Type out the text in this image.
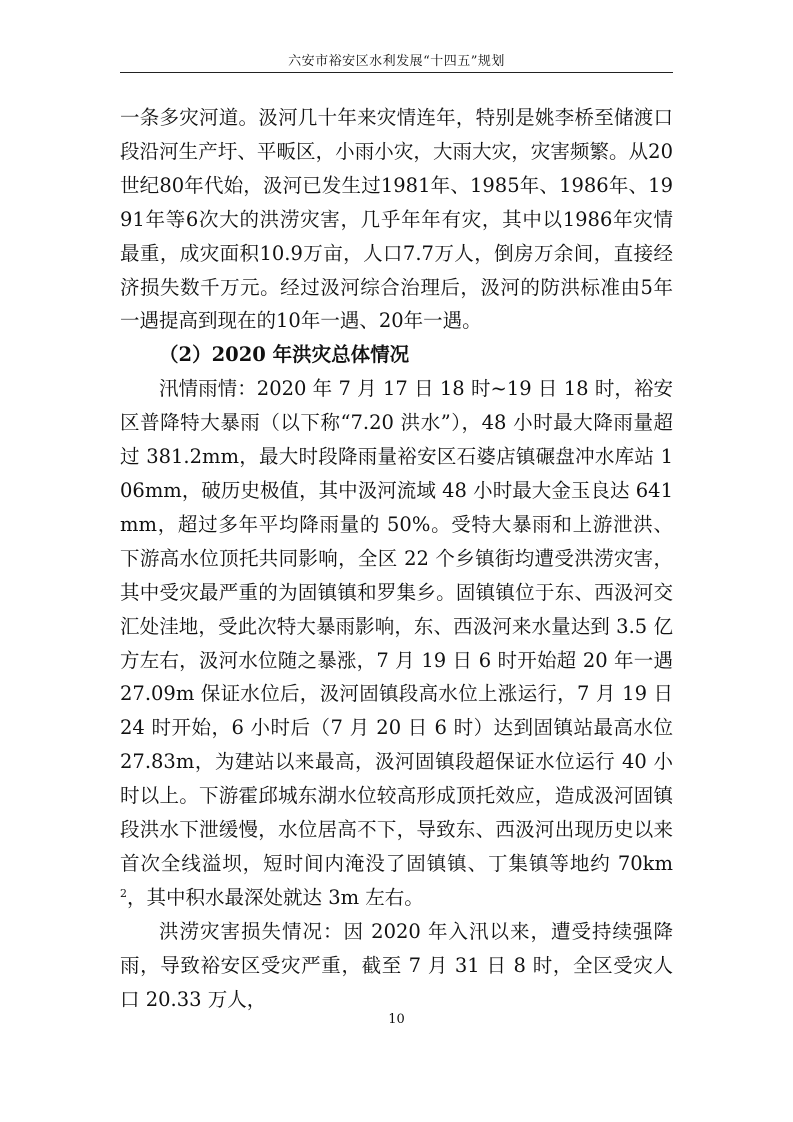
六安市裕安区水利发展“十四五”规划

一条多灾河道。汲河几十年来灾情连年，特别是姚李桥至储渡口段沿河生产圩、平畈区，小雨小灾，大雨大灾，灾害频繁。从20世纪80年代始，汲河已发生过1981年、1985年、1986年、1991年等6次大的洪涝灾害，几乎年年有灾，其中以1986年灾情最重，成灾面积10.9万亩，人口7.7万人，倒房万余间，直接经济损失数千万元。经过汲河综合治理后，汲河的防洪标准由5年一遇提高到现在的10年一遇、20年一遇。

（2）2020 年洪灾总体情况

汛情雨情：2020 年 7 月 17 日 18 时~19 日 18 时，裕安区普降特大暴雨（以下称“7.20 洪水”），48 小时最大降雨量超过 381.2mm，最大时段降雨量裕安区石婆店镇碾盘冲水库站 106mm，破历史极值，其中汲河流域 48 小时最大金玉良达 641mm，超过多年平均降雨量的 50%。受特大暴雨和上游泄洪、下游高水位顶托共同影响，全区 22 个乡镇街均遭受洪涝灾害，其中受灾最严重的为固镇镇和罗集乡。固镇镇位于东、西汲河交汇处洼地，受此次特大暴雨影响，东、西汲河来水量达到 3.5 亿方左右，汲河水位随之暴涨，7 月 19 日 6 时开始超 20 年一遇 27.09m 保证水位后，汲河固镇段高水位上涨运行，7 月 19 日 24 时开始，6 小时后（7 月 20 日 6 时）达到固镇站最高水位 27.83m，为建站以来最高，汲河固镇段超保证水位运行 40 小时以上。下游霍邱城东湖水位较高形成顶托效应，造成汲河固镇段洪水下泄缓慢，水位居高不下，导致东、西汲河出现历史以来首次全线溢坝，短时间内淹没了固镇镇、丁集镇等地约 $70km^2$，其中积水最深处就达 3m 左右。

洪涝灾害损失情况：因 2020 年入汛以来，遭受持续强降雨，导致裕安区受灾严重，截至 7 月 31 日 8 时，全区受灾人口 20.33 万人，

10
